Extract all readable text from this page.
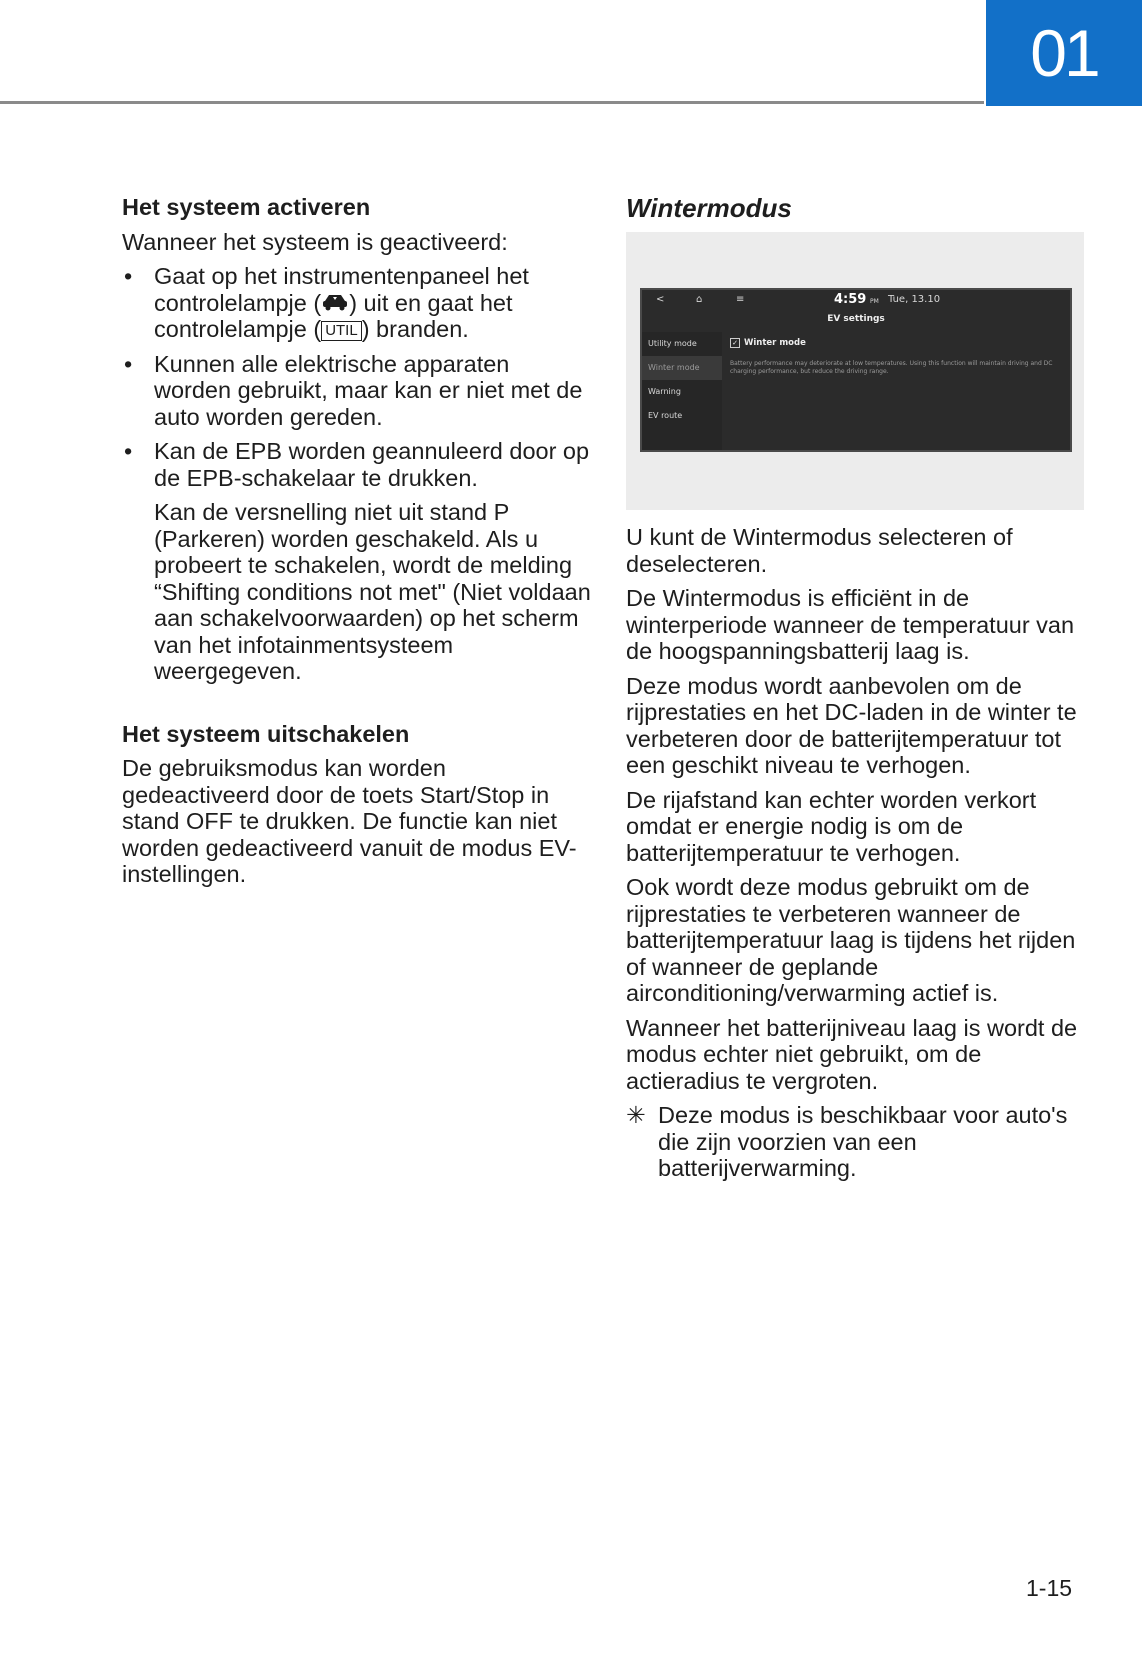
01
Het systeem activeren
Wanneer het systeem is geactiveerd:
• Gaat op het instrumentenpaneel het controlelampje ( ) uit en gaat het controlelampje ( UTIL ) branden.
• Kunnen alle elektrische apparaten worden gebruikt, maar kan er niet met de auto worden gereden.
• Kan de EPB worden geannuleerd door op de EPB-schakelaar te drukken.
Kan de versnelling niet uit stand P (Parkeren) worden geschakeld. Als u probeert te schakelen, wordt de melding “Shifting conditions not met" (Niet voldaan aan schakelvoorwaarden) op het scherm van het infotainmentsysteem weergegeven.
Het systeem uitschakelen
De gebruiksmodus kan worden gedeactiveerd door de toets Start/Stop in stand OFF te drukken. De functie kan niet worden gedeactiveerd vanuit de modus EV-instellingen.
Wintermodus
<	⌂	≡	4:59 PM Tue, 13.10
EV settings
Utility mode
Winter mode
Warning
EV route
✓ Winter mode
Battery performance may deteriorate at low temperatures. Using this function will maintain driving and DC charging performance, but reduce the driving range.
U kunt de Wintermodus selecteren of deselecteren.
De Wintermodus is efficiënt in de winterperiode wanneer de temperatuur van de hoogspanningsbatterij laag is.
Deze modus wordt aanbevolen om de rijprestaties en het DC-laden in de winter te verbeteren door de batterijtemperatuur tot een geschikt niveau te verhogen.
De rijafstand kan echter worden verkort omdat er energie nodig is om de batterijtemperatuur te verhogen.
Ook wordt deze modus gebruikt om de rijprestaties te verbeteren wanneer de batterijtemperatuur laag is tijdens het rijden of wanneer de geplande airconditioning/verwarming actief is.
Wanneer het batterijniveau laag is wordt de modus echter niet gebruikt, om de actieradius te vergroten.
✳ Deze modus is beschikbaar voor auto's die zijn voorzien van een batterijverwarming.
1-15
